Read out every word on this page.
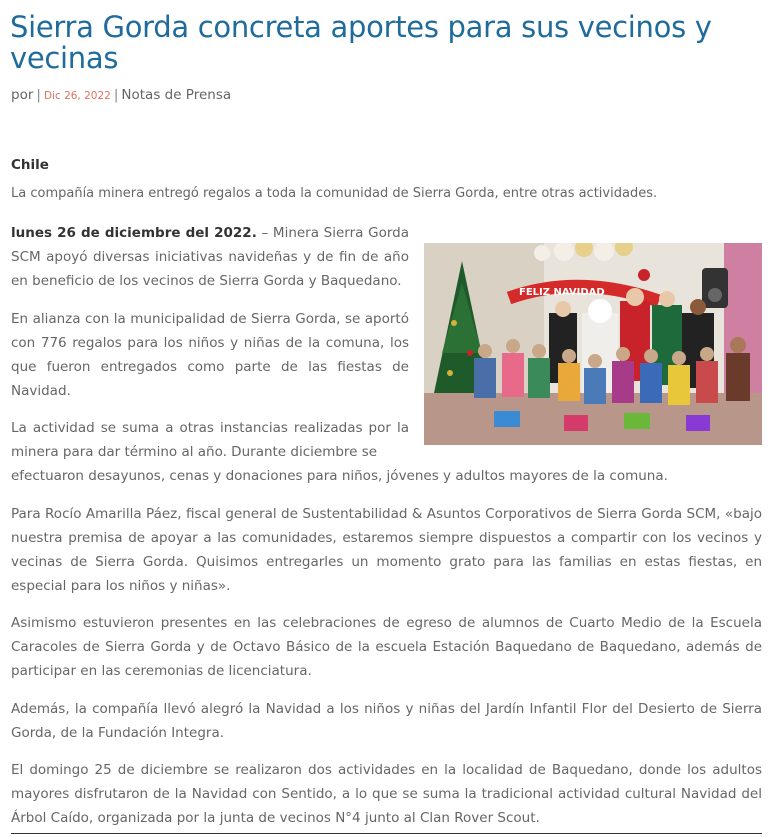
Sierra Gorda concreta aportes para sus vecinos y vecinas
por | Dic 26, 2022 | Notas de Prensa
Chile
La compañía minera entregó regalos a toda la comunidad de Sierra Gorda, entre otras actividades.

lunes 26 de diciembre del 2022. – Minera Sierra Gorda SCM apoyó diversas iniciativas navideñas y de fin de año en beneficio de los vecinos de Sierra Gorda y Baquedano.

En alianza con la municipalidad de Sierra Gorda, se aportó con 776 regalos para los niños y niñas de la comuna, los que fueron entregados como parte de las fiestas de Navidad.

La actividad se suma a otras instancias realizadas por la minera para dar término al año. Durante diciembre se

efectuaron desayunos, cenas y donaciones para niños, jóvenes y adultos mayores de la comuna.

Para Rocío Amarilla Páez, fiscal general de Sustentabilidad & Asuntos Corporativos de Sierra Gorda SCM, «bajo nuestra premisa de apoyar a las comunidades, estaremos siempre dispuestos a compartir con los vecinos y vecinas de Sierra Gorda. Quisimos entregarles un momento grato para las familias en estas fiestas, en especial para los niños y niñas».

Asimismo estuvieron presentes en las celebraciones de egreso de alumnos de Cuarto Medio de la Escuela Caracoles de Sierra Gorda y de Octavo Básico de la escuela Estación Baquedano de Baquedano, además de participar en las ceremonias de licenciatura.

Además, la compañía llevó alegró la Navidad a los niños y niñas del Jardín Infantil Flor del Desierto de Sierra Gorda, de la Fundación Integra.

El domingo 25 de diciembre se realizaron dos actividades en la localidad de Baquedano, donde los adultos mayores disfrutaron de la Navidad con Sentido, a lo que se suma la tradicional actividad cultural Navidad del Árbol Caído, organizada por la junta de vecinos N°4 junto al Clan Rover Scout.

FELIZ NAVIDAD
